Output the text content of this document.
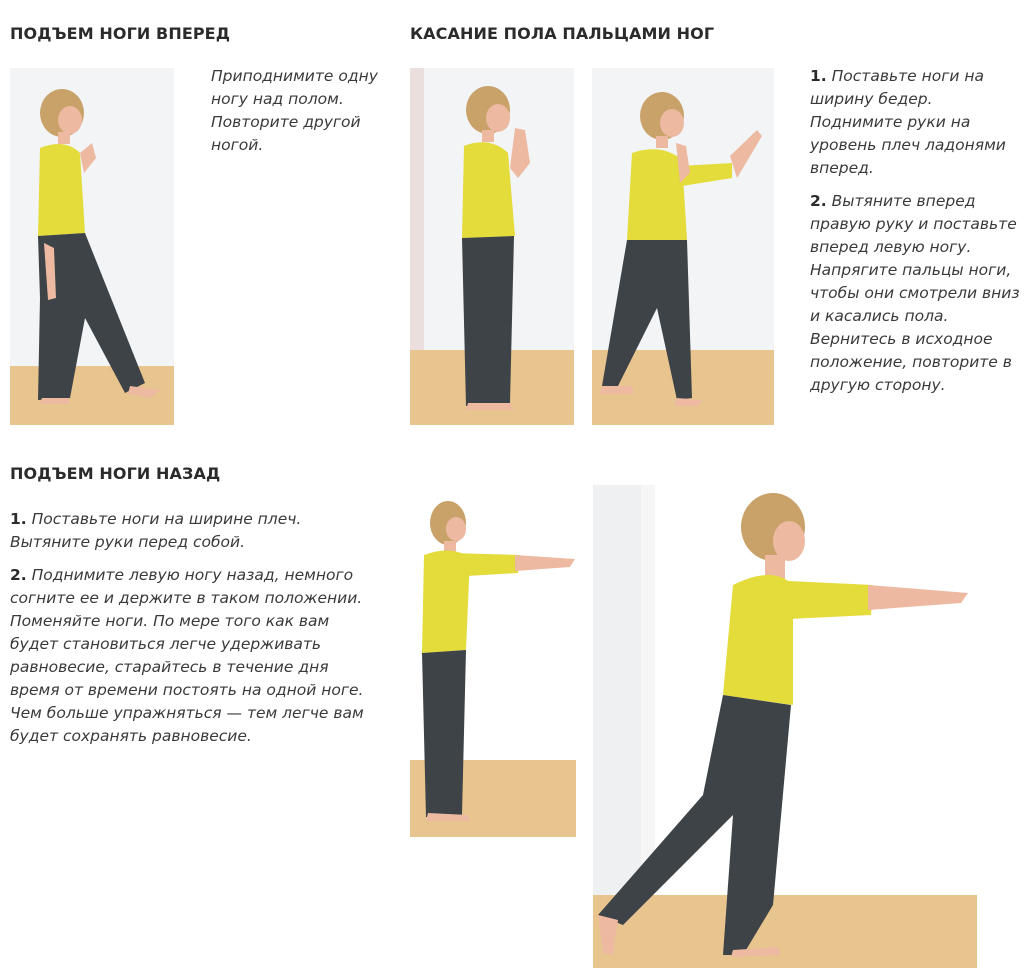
ПОДЪЕМ НОГИ ВПЕРЕД

Приподнимите одну ногу над полом. Повторите другой ногой.

КАСАНИЕ ПОЛА ПАЛЬЦАМИ НОГ

1. Поставьте ноги на ширину бедер. Поднимите руки на уровень плеч ладонями вперед.

2. Вытяните вперед правую руку и поставьте вперед левую ногу. Напрягите пальцы ноги, чтобы они смотрели вниз и касались пола. Вернитесь в исходное положение, повторите в другую сторону.

ПОДЪЕМ НОГИ НАЗАД

1. Поставьте ноги на ширине плеч. Вытяните руки перед собой.

2. Поднимите левую ногу назад, немного согните ее и держите в таком положении. Поменяйте ноги. По мере того как вам будет становиться легче удерживать равновесие, старайтесь в течение дня время от времени постоять на одной ноге. Чем больше упражняться — тем легче вам будет сохранять равновесие.
